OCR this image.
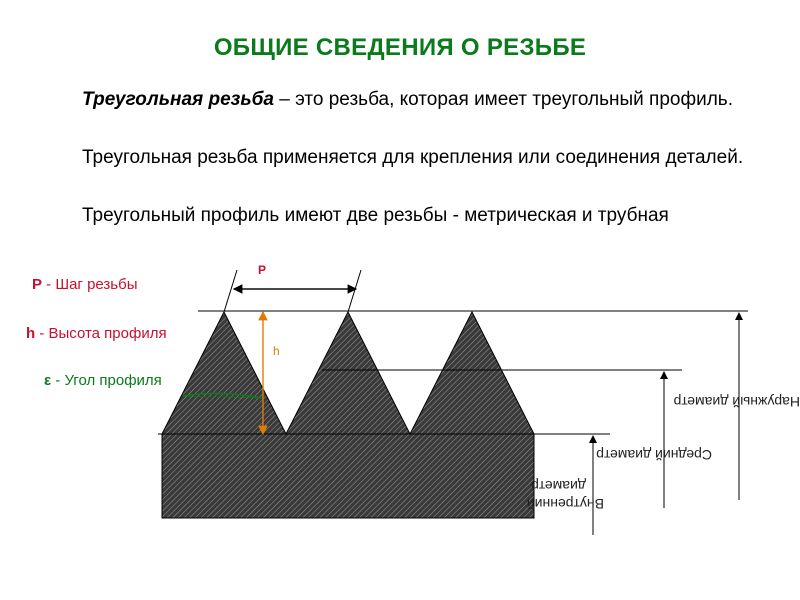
ОБЩИЕ СВЕДЕНИЯ О РЕЗЬБЕ
Треугольная резьба – это резьба, которая имеет треугольный профиль.
Треугольная резьба применяется для крепления или соединения деталей.
Треугольный профиль имеют две резьбы - метрическая и трубная
Р - Шаг резьбы
h - Высота профиля
ε - Угол профиля
Р
h
Наружный диаметр
Средний диаметр
Внутренний
диаметр
